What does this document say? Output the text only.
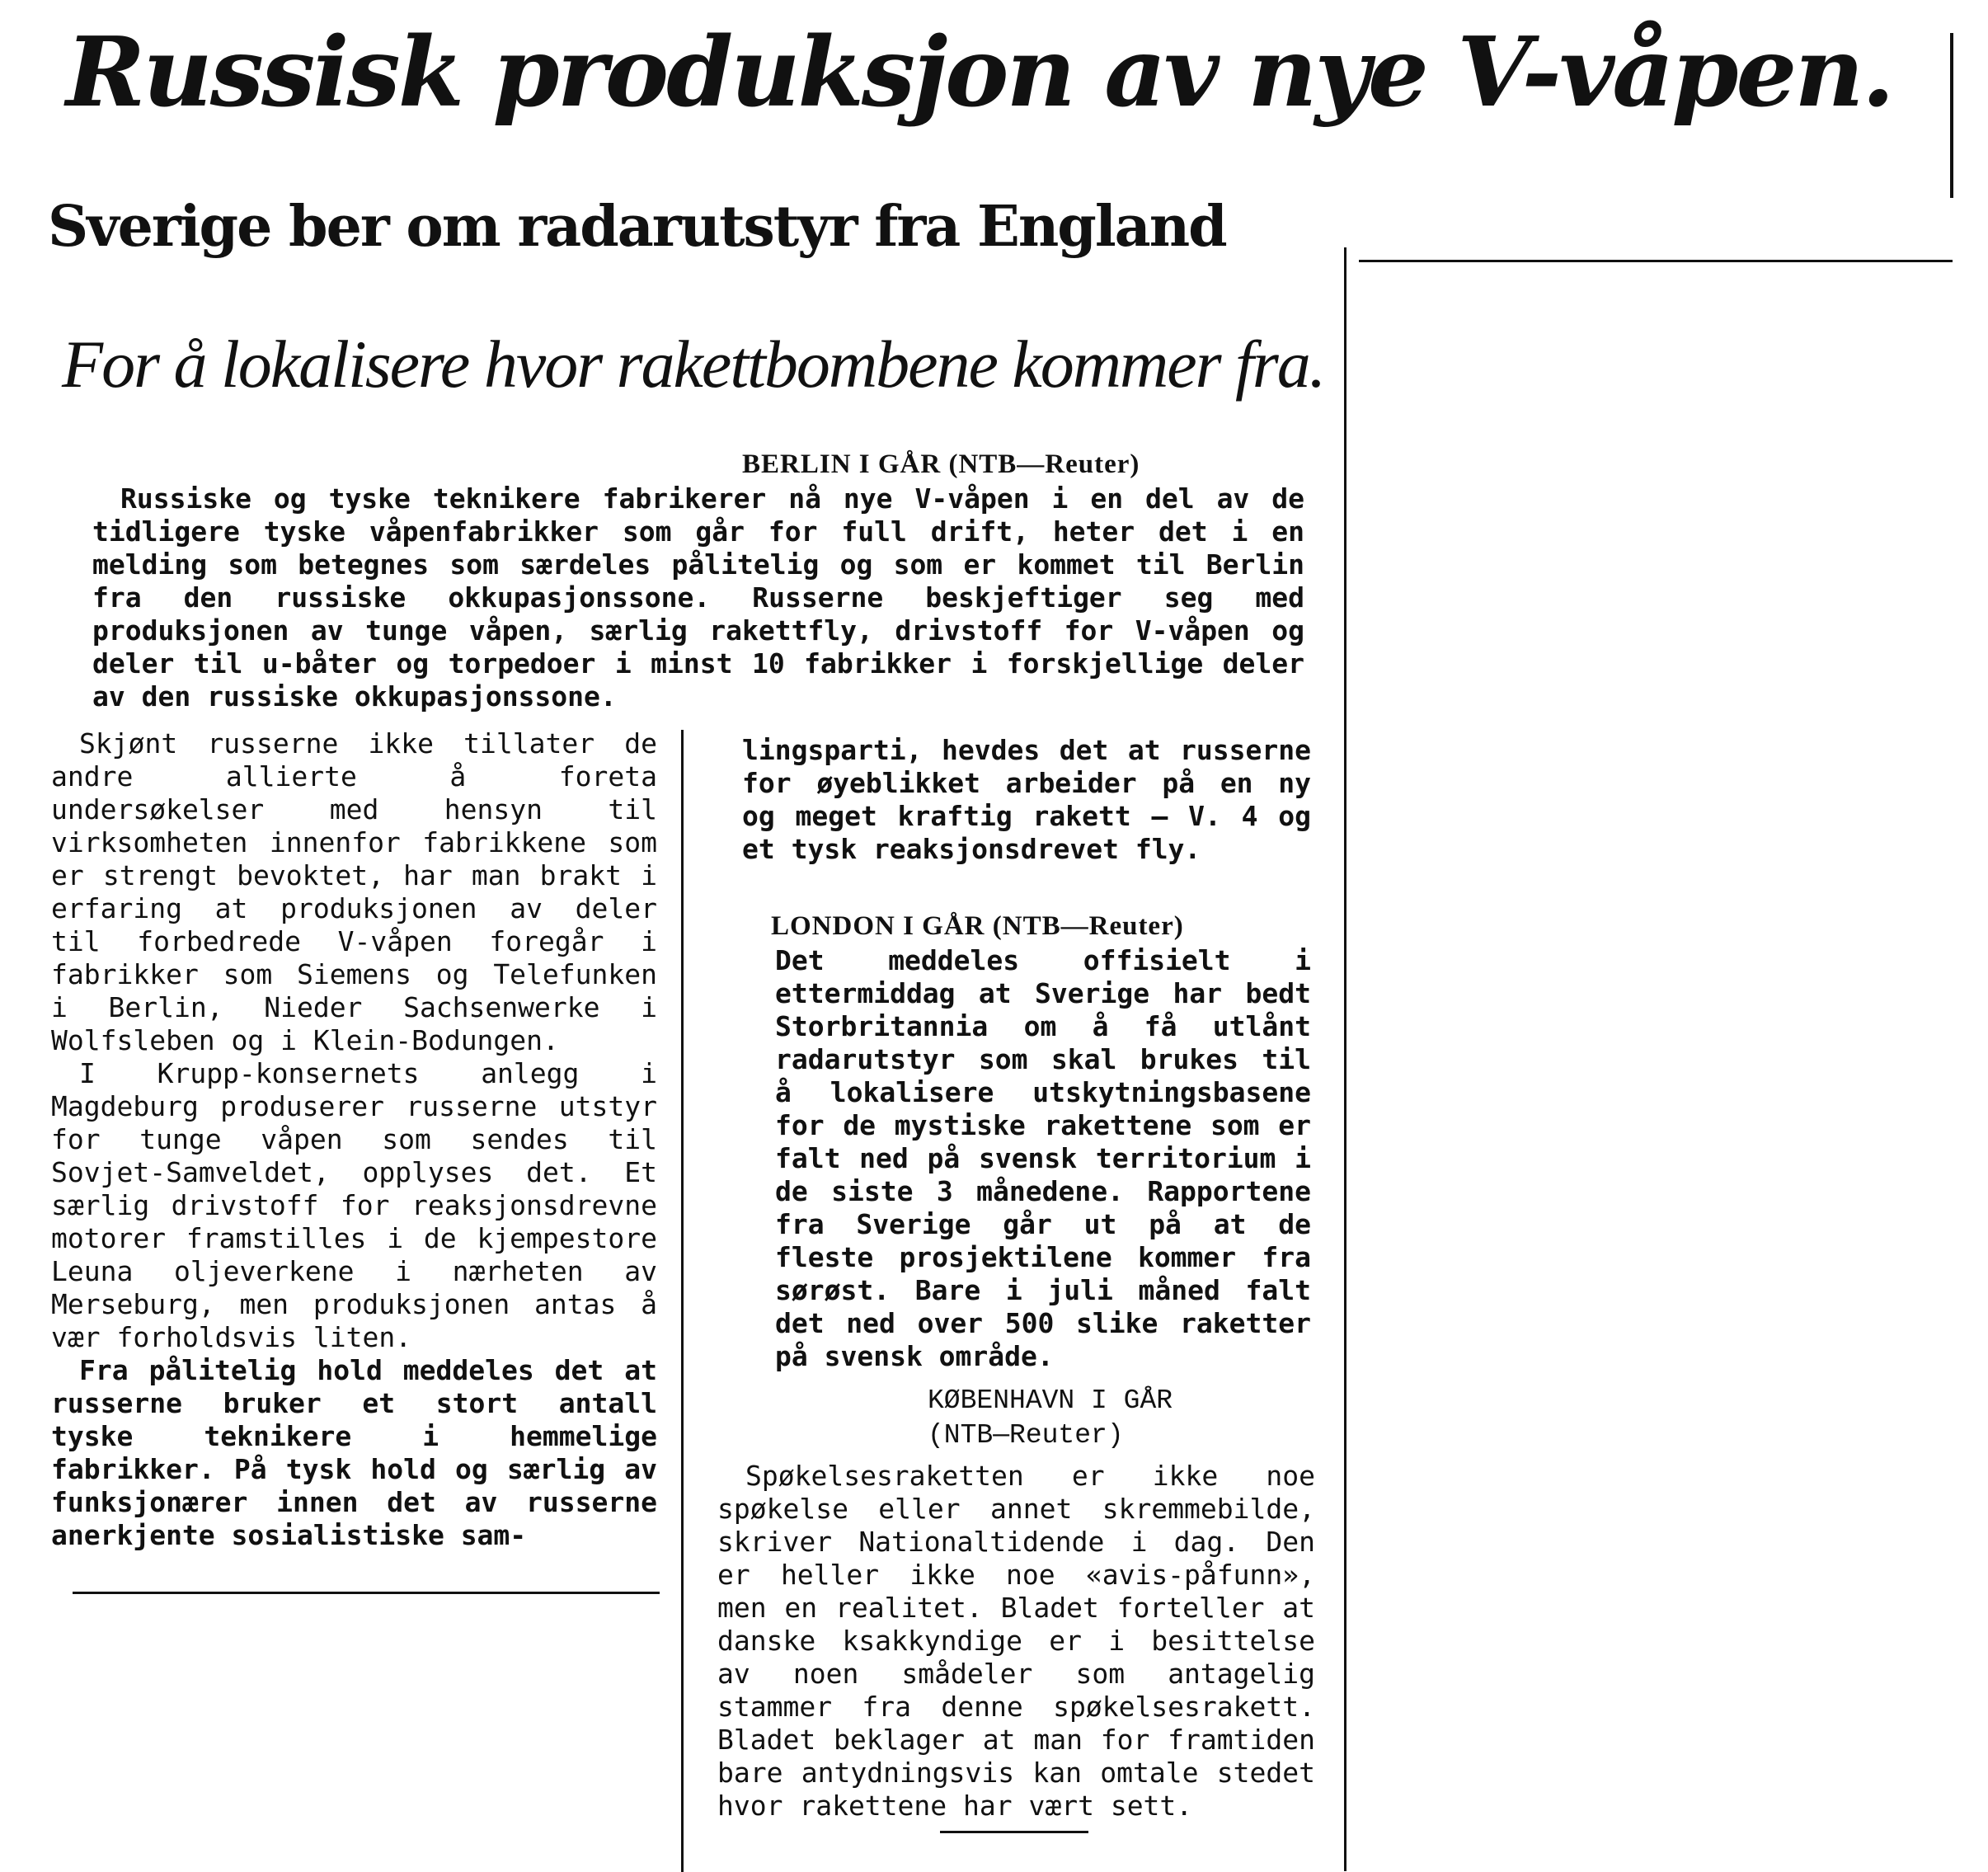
Russisk produksjon av nye V-våpen.
Sverige ber om radarutstyr fra England
For å lokalisere hvor rakettbombene kommer fra.
BERLIN I GÅR (NTB—Reuter)

Russiske og tyske teknikere fabrikerer nå nye V-våpen i en del av de tidligere tyske våpenfabrikker som går for full drift, heter det i en melding som betegnes som særdeles pålitelig og som er kommet til Berlin fra den russiske okkupasjonssone. Russerne beskjeftiger seg med produksjonen av tunge våpen, særlig rakettfly, drivstoff for V-våpen og deler til u-båter og torpedoer i minst 10 fabrikker i forskjellige deler av den russiske okkupasjonssone.

Skjønt russerne ikke tillater de andre allierte å foreta undersøkelser med hensyn til virksomheten innenfor fabrikkene som er strengt bevoktet, har man brakt i erfaring at produksjonen av deler til forbedrede V-våpen foregår i fabrikker som Siemens og Telefunken i Berlin, Nieder Sachsenwerke i Wolfsleben og i Klein-Bodungen.

I Krupp-konsernets anlegg i Magdeburg produserer russerne utstyr for tunge våpen som sendes til Sovjet-Samveldet, opplyses det. Et særlig drivstoff for reaksjonsdrevne motorer framstilles i de kjempestore Leuna oljeverkene i nærheten av Merseburg, men produksjonen antas å vær forholdsvis liten.

Fra pålitelig hold meddeles det at russerne bruker et stort antall tyske teknikere i hemmelige fabrikker. På tysk hold og særlig av funksjonærer innen det av russerne anerkjente sosialistiske sam-

lingsparti, hevdes det at russerne for øyeblikket arbeider på en ny og meget kraftig rakett — V. 4 og et tysk reaksjonsdrevet fly.

LONDON I GÅR (NTB—Reuter)

Det meddeles offisielt i ettermiddag at Sverige har bedt Storbritannia om å få utlånt radarutstyr som skal brukes til å lokalisere utskytningsbasene for de mystiske rakettene som er falt ned på svensk territorium i de siste 3 månedene. Rapportene fra Sverige går ut på at de fleste prosjektilene kommer fra sørøst. Bare i juli måned falt det ned over 500 slike raketter på svensk område.

KØBENHAVN I GÅR
(NTB—Reuter)

Spøkelsesraketten er ikke noe spøkelse eller annet skremmebilde, skriver Nationaltidende i dag. Den er heller ikke noe «avis-påfunn», men en realitet. Bladet forteller at danske ksakkyndige er i besittelse av noen smådeler som antagelig stammer fra denne spøkelsesrakett. Bladet beklager at man for framtiden bare antydningsvis kan omtale stedet hvor rakettene har vært sett.
